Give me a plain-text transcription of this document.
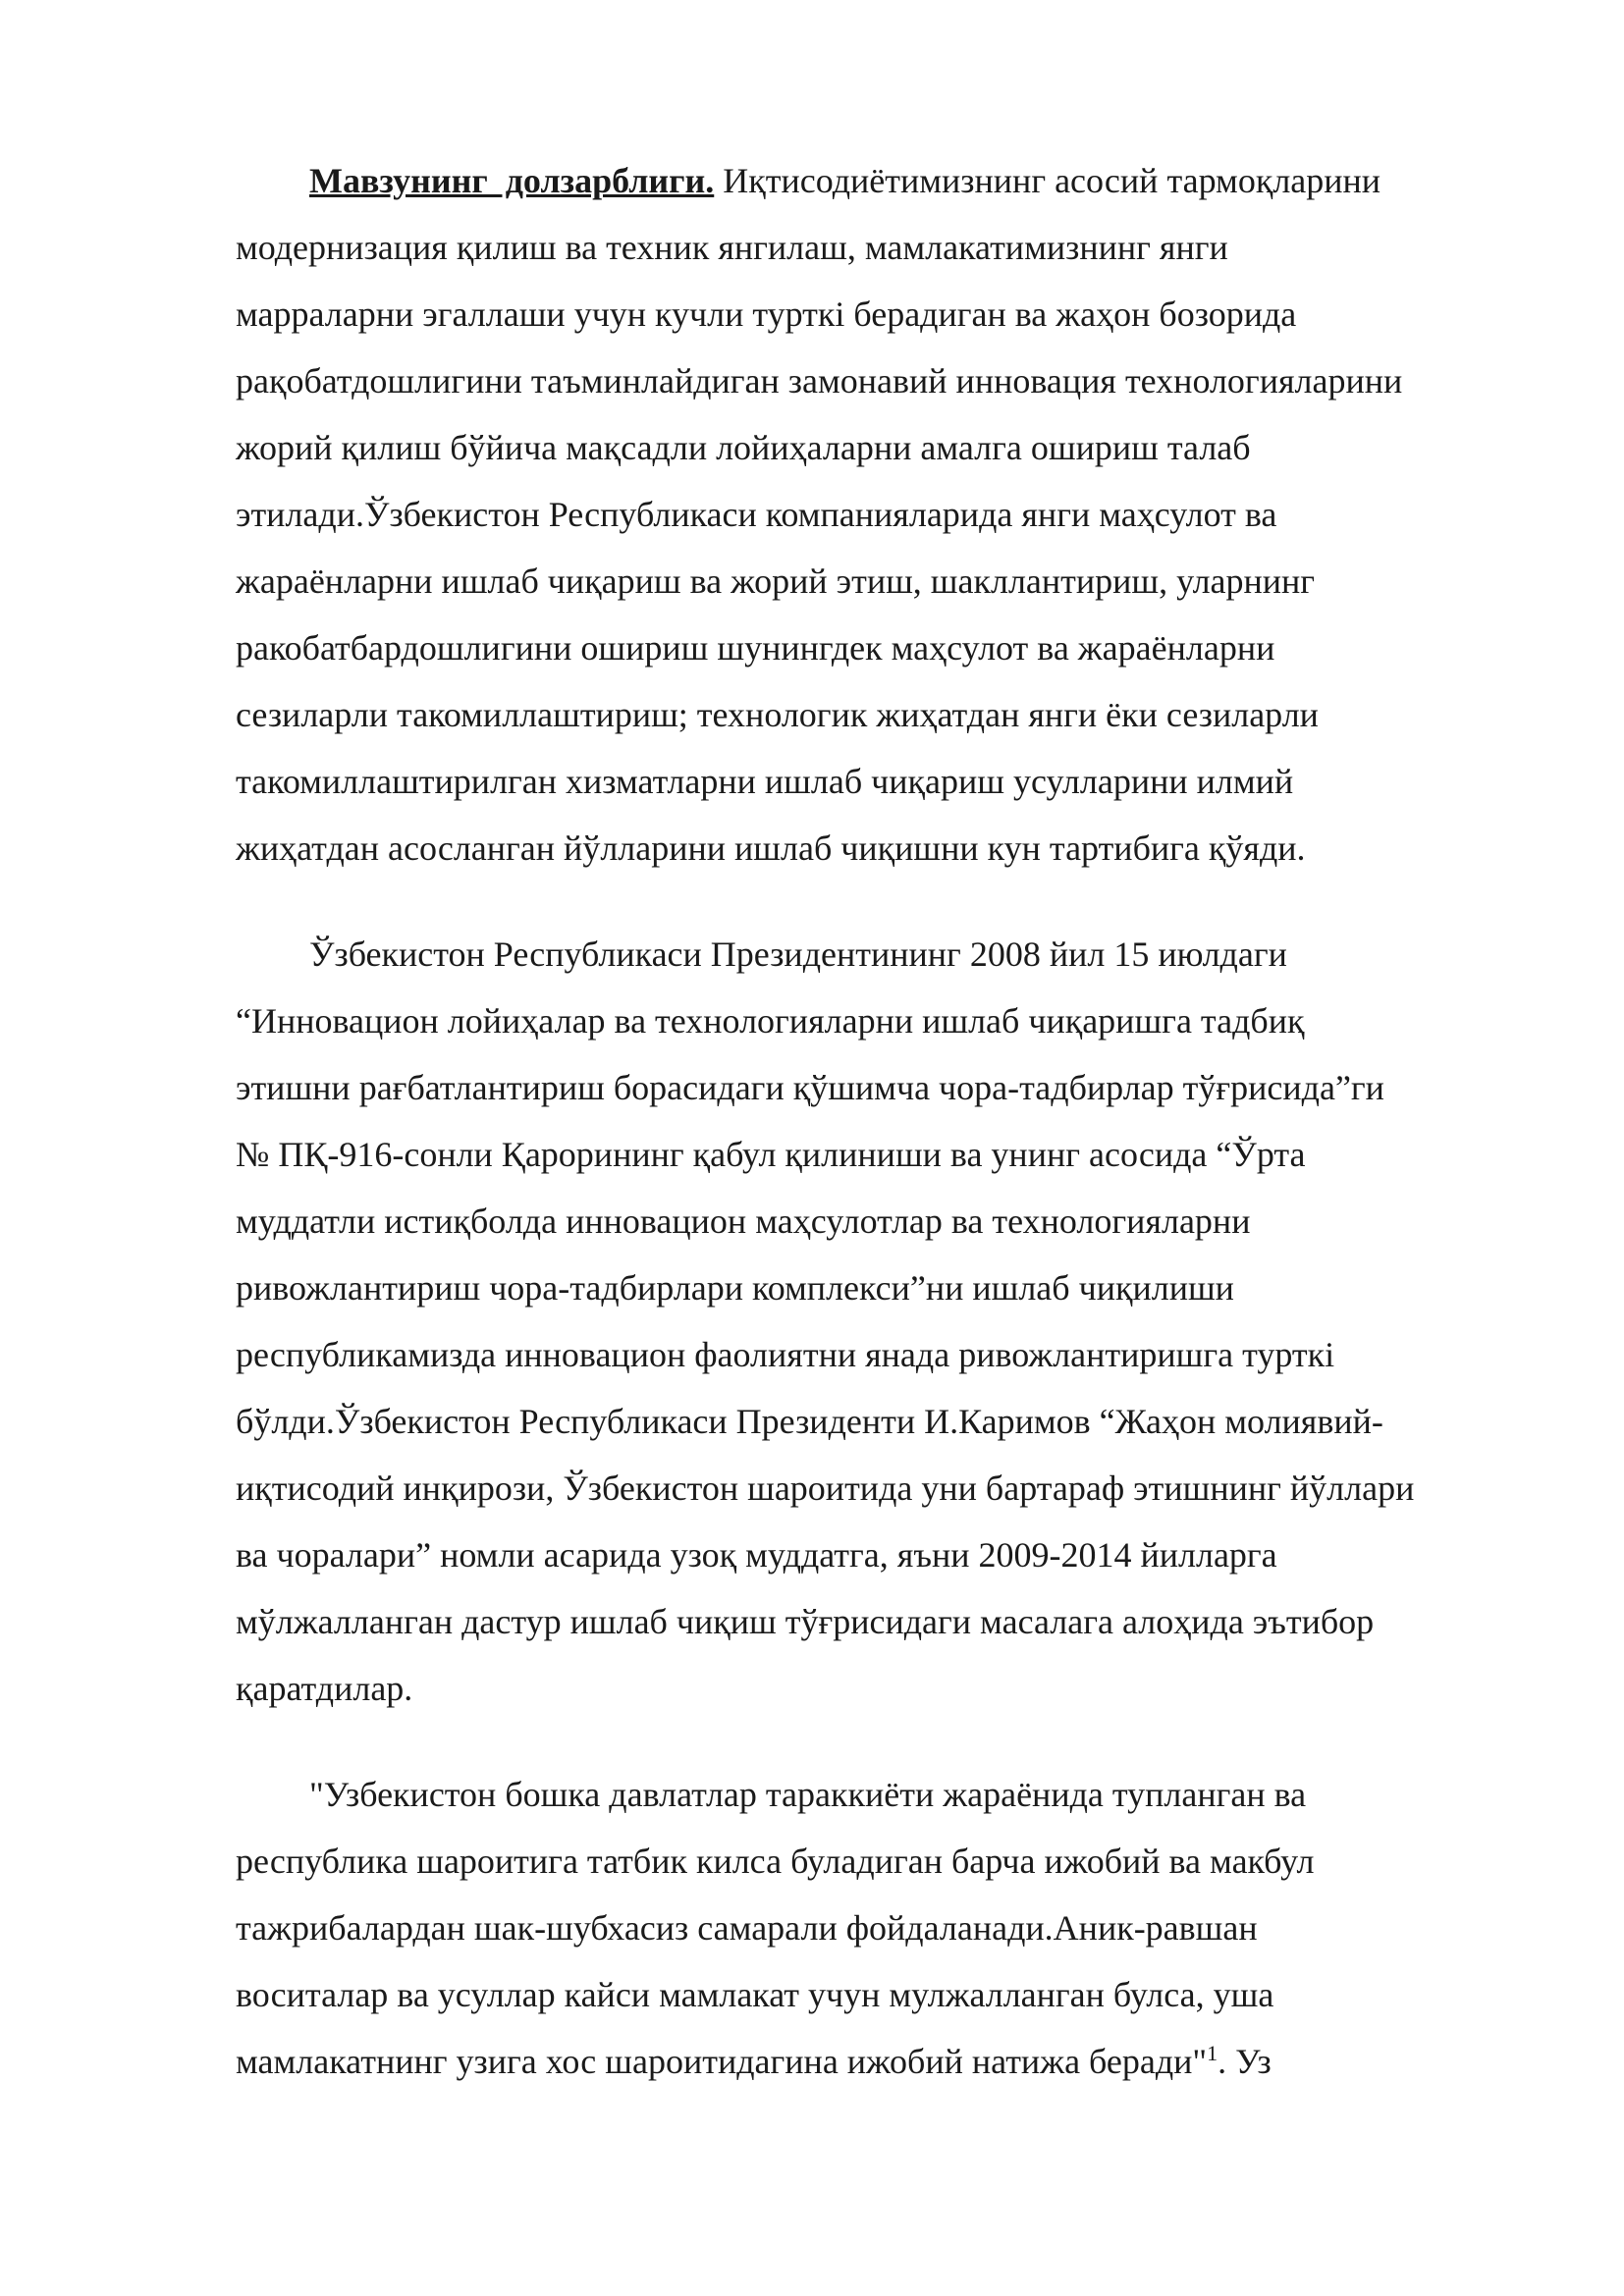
Мавзунинг  долзарблиги. Иқтисодиётимизнинг асосий тармоқларини
модернизация қилиш ва техник янгилаш, мамлакатимизнинг янги
марраларни эгаллаши учун кучли турткi берадиган ва жаҳон бозорида
рақобатдошлигини таъминлайдиган замонавий инновация технологияларини
жорий қилиш бўйича мақсадли лойиҳаларни амалга ошириш талаб
этилади.Ўзбекистон Республикаси компанияларида янги маҳсулот ва
жараёнларни ишлаб чиқариш ва жорий этиш, шакллантириш, уларнинг
ракобатбардошлигини ошириш шунингдек маҳсулот ва жараёнларни
сезиларли такомиллаштириш; технологик жиҳатдан янги ёки сезиларли
такомиллаштирилган хизматларни ишлаб чиқариш усулларини илмий
жиҳатдан асосланган йўлларини ишлаб чиқишни кун тартибига қўяди.
Ўзбекистон Республикаси Президентининг 2008 йил 15 июлдаги
“Инновацион лойиҳалар ва технологияларни ишлаб чиқаришга тадбиқ
этишни рағбатлантириш борасидаги қўшимча чора-тадбирлар тўғрисида”ги
№ ПҚ-916-сонли Қарорининг қабул қилиниши ва унинг асосида “Ўрта
муддатли истиқболда инновацион маҳсулотлар ва технологияларни
ривожлантириш чора-тадбирлари комплекси”ни ишлаб чиқилиши
республикамизда инновацион фаолиятни янада ривожлантиришга турткi
бўлди.Ўзбекистон Республикаси Президенти И.Каримов “Жаҳон молиявий-
иқтисодий инқирози, Ўзбекистон шароитида уни бартараф этишнинг йўллари
ва чоралари” номли асарида узоқ муддатга, яъни 2009-2014 йилларга
мўлжалланган дастур ишлаб чиқиш тўғрисидаги масалага алоҳида эътибор
қаратдилар.
"Узбекистон бошка давлатлар тараккиёти жараёнида тупланган ва
республика шароитига татбик килса буладиган барча ижобий ва макбул
тажрибалардан шак-шубхасиз самарали фойдаланади.Аник-равшан
воситалар ва усуллар кайси мамлакат учун мулжалланган булса, уша
мамлакатнинг узига хос шароитидагина ижобий натижа беради"$^1$. Уз
